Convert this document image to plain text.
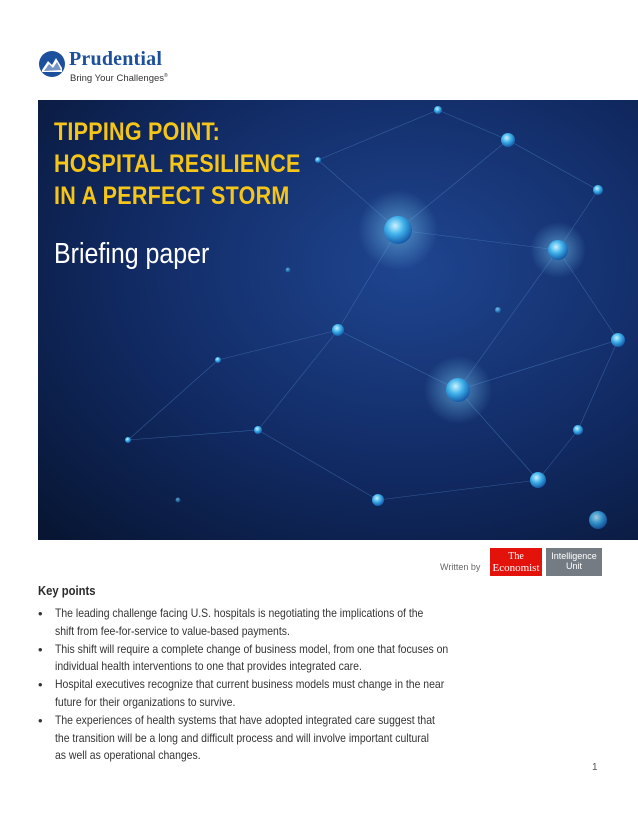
Prudential
Bring Your Challenges®
TIPPING POINT:
HOSPITAL RESILIENCE
IN A PERFECT STORM
Briefing paper
Written by
The
Economist
Intelligence
Unit
Key points
• The leading challenge facing U.S. hospitals is negotiating the implications of the
shift from fee-for-service to value-based payments.
• This shift will require a complete change of business model, from one that focuses on
individual health interventions to one that provides integrated care.
• Hospital executives recognize that current business models must change in the near
future for their organizations to survive.
• The experiences of health systems that have adopted integrated care suggest that
the transition will be a long and difficult process and will involve important cultural
as well as operational changes.
1
